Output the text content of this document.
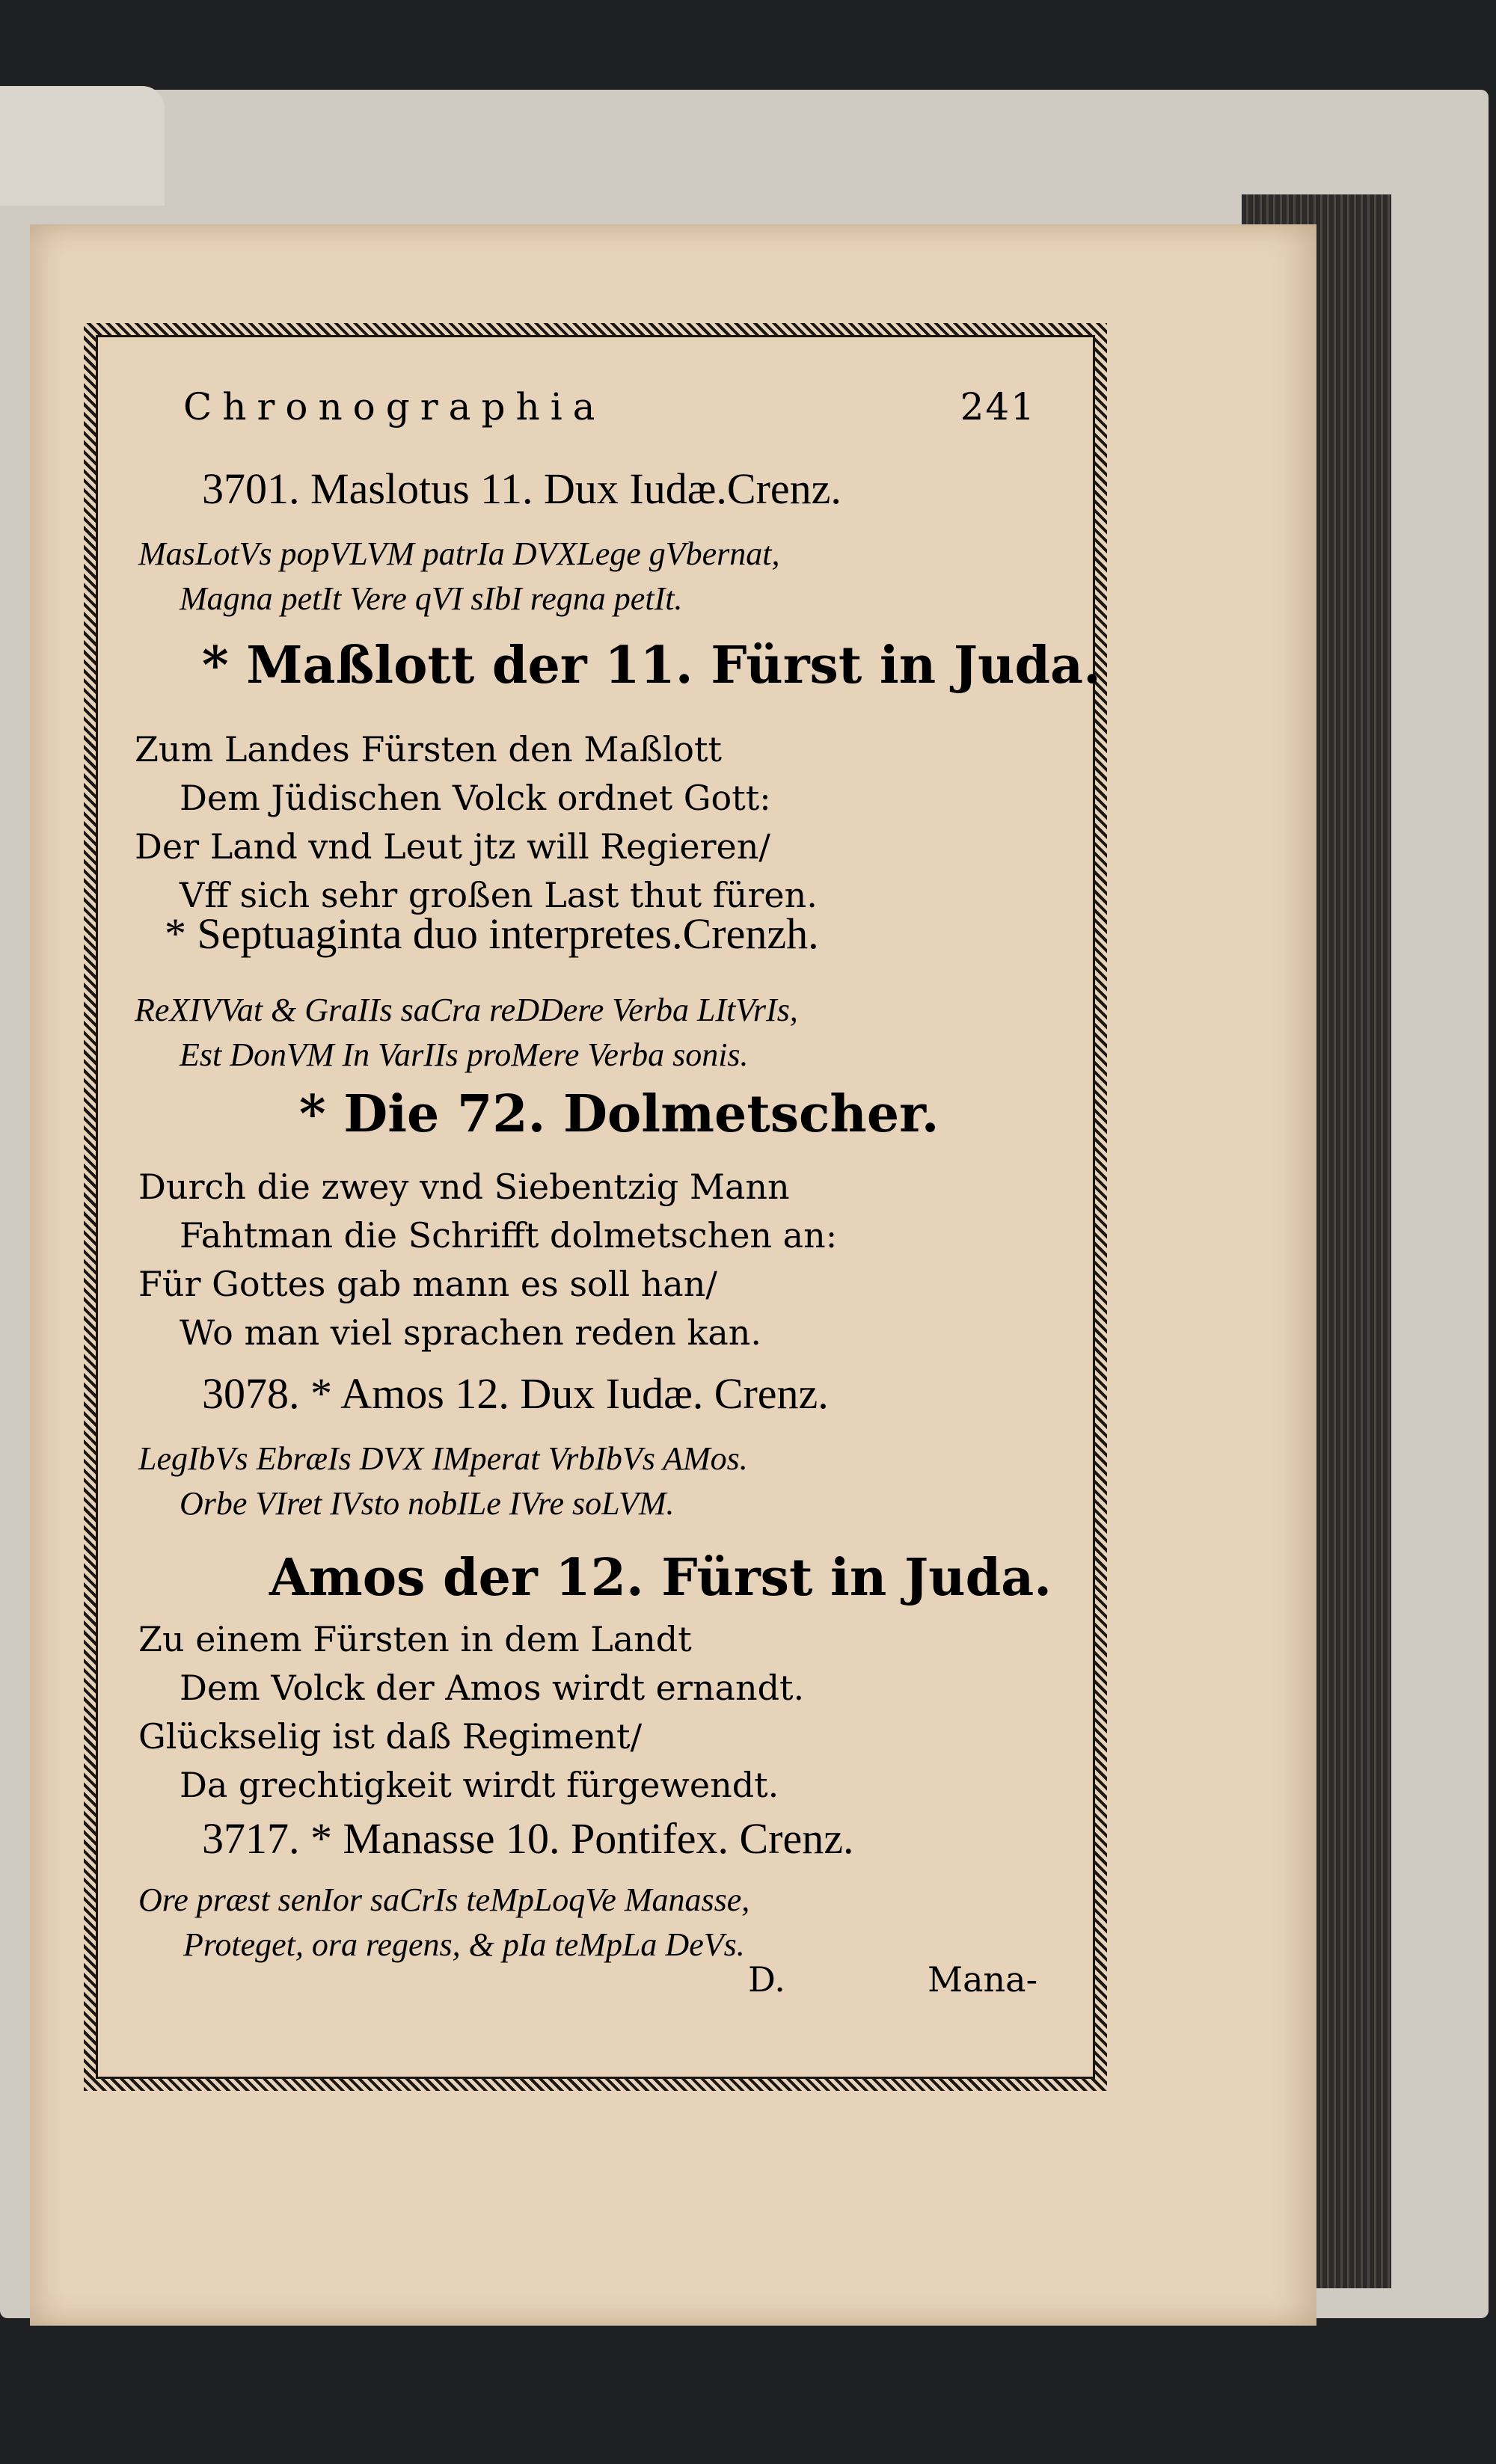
Chronographia	241
3701. Maslotus 11. Dux Iudæ.Crenz.
MasLotVs popVLVM patrIa DVXLege gVbernat,
Magna petIt Vere qVI sIbI regna petIt.
* Maßlott der 11. Fürst in Juda.
Zum Landes Fürsten den Maßlott
Dem Jüdischen Volck ordnet Gott:
Der Land vnd Leut jtz will Regieren/
Vff sich sehr großen Last thut füren.
* Septuaginta duo interpretes.Crenzh.
ReXIVVat & GraIIs saCra reDDere Verba LItVrIs,
Est DonVM In VarIIs proMere Verba sonis.
* Die 72. Dolmetscher.
Durch die zwey vnd Siebentzig Mann
Fahtman die Schrifft dolmetschen an:
Für Gottes gab mann es soll han/
Wo man viel sprachen reden kan.
3078. * Amos 12. Dux Iudæ. Crenz.
LegIbVs EbræIs DVX IMperat VrbIbVs AMos.
Orbe VIret IVsto nobILe IVre soLVM.
Amos der 12. Fürst in Juda.
Zu einem Fürsten in dem Landt
Dem Volck der Amos wirdt ernandt.
Glückselig ist daß Regiment/
Da grechtigkeit wirdt fürgewendt.
3717. * Manasse 10. Pontifex. Crenz.
Ore præst senIor saCrIs teMpLoqVe Manasse,
Proteget, ora regens, & pIa teMpLa DeVs.
D.	Mana-
